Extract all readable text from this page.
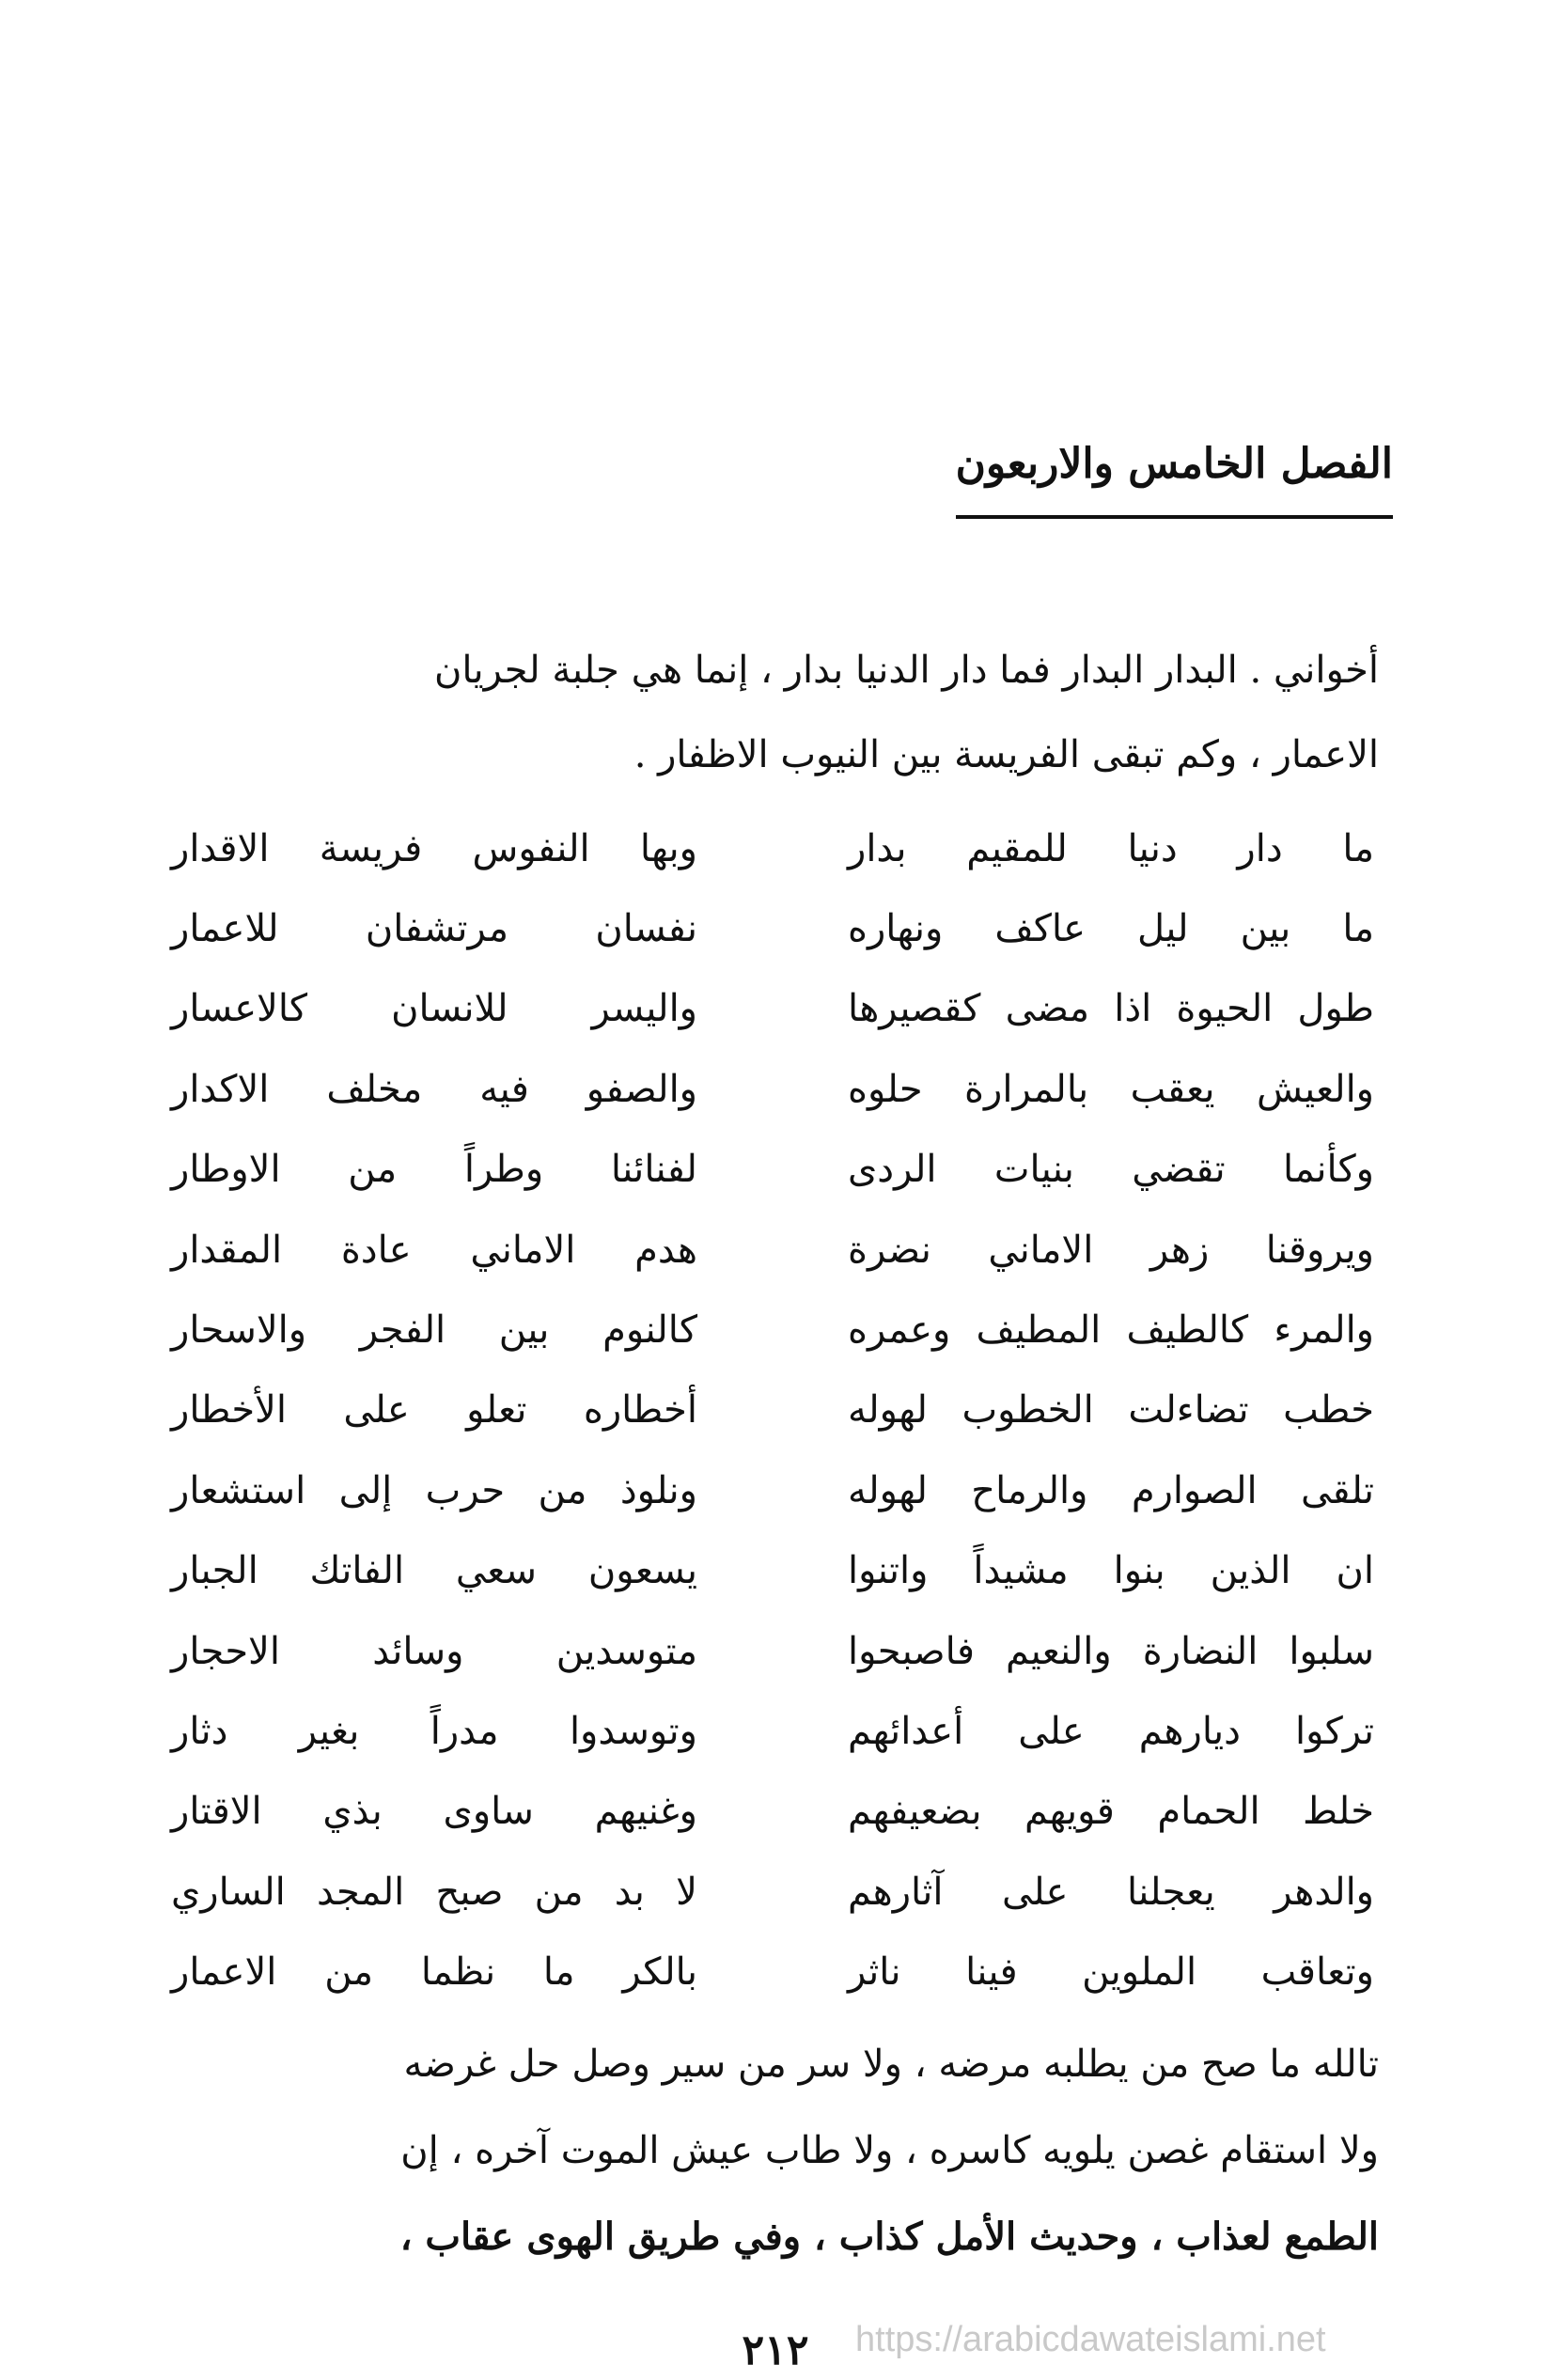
الفصل الخامس والاربعون

أخواني . البدار البدار فما دار الدنيا بدار ، إنما هي جلبة لجريان

الاعمار ، وكم تبقى الفريسة بين النيوب الاظفار .

ما دار دنيا للمقيم بدار
وبها النفوس فريسة الاقدار
ما بين ليل عاكف ونهاره
نفسان مرتشفان للاعمار
طول الحيوة اذا مضى كقصيرها
واليسر للانسان كالاعسار
والعيش يعقب بالمرارة حلوه
والصفو فيه مخلف الاكدار
وكأنما تقضي بنيات الردى
لفنائنا وطراً من الاوطار
ويروقنا زهر الاماني نضرة
هدم الاماني عادة المقدار
والمرء كالطيف المطيف وعمره
كالنوم بين الفجر والاسحار
خطب تضاءلت الخطوب لهوله
أخطاره تعلو على الأخطار
تلقى الصوارم والرماح لهوله
ونلوذ من حرب إلى استشعار
ان الذين بنوا مشيداً واتنوا
يسعون سعي الفاتك الجبار
سلبوا النضارة والنعيم فاصبحوا
متوسدين وسائد الاحجار
تركوا ديارهم على أعدائهم
وتوسدوا مدراً بغير دثار
خلط الحمام قويهم بضعيفهم
وغنيهم ساوى بذي الاقتار
والدهر يعجلنا على آثارهم
لا بد من صبح المجد الساري
وتعاقب الملوين فينا ناثر
بالكر ما نظما من الاعمار

تالله ما صح من يطلبه مرضه ، ولا سر من سير وصل حل غرضه

ولا استقام غصن يلويه كاسره ، ولا طاب عيش الموت آخره ، إن

الطمع لعذاب ، وحديث الأمل كذاب ، وفي طريق الهوى عقاب ،

٢١٢	https://arabicdawateislami.net
